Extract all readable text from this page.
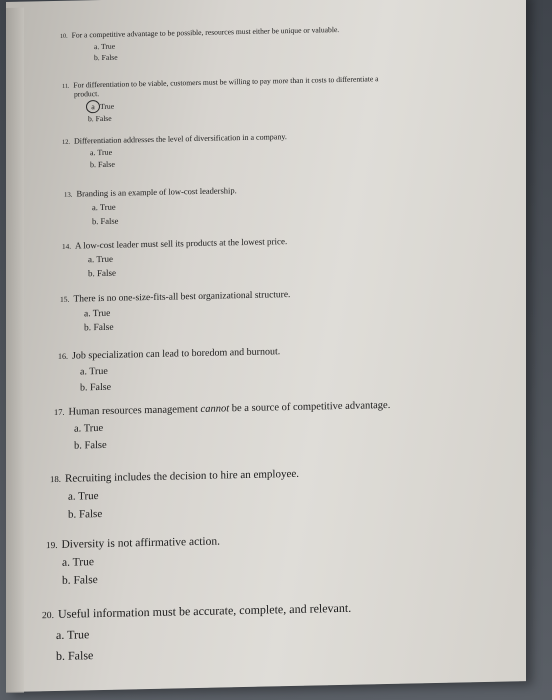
10. For a competitive advantage to be possible, resources must either be unique or valuable.
a. True
b. False
11. For differentiation to be viable, customers must be willing to pay more than it costs to differentiate a
product.
a True
b. False
12. Differentiation addresses the level of diversification in a company.
a. True
b. False
13. Branding is an example of low-cost leadership.
a. True
b. False
14. A low-cost leader must sell its products at the lowest price.
a. True
b. False
15. There is no one-size-fits-all best organizational structure.
a. True
b. False
16. Job specialization can lead to boredom and burnout.
a. True
b. False
17. Human resources management cannot be a source of competitive advantage.
a. True
b. False
18. Recruiting includes the decision to hire an employee.
a. True
b. False
19. Diversity is not affirmative action.
a. True
b. False
20. Useful information must be accurate, complete, and relevant.
a. True
b. False
